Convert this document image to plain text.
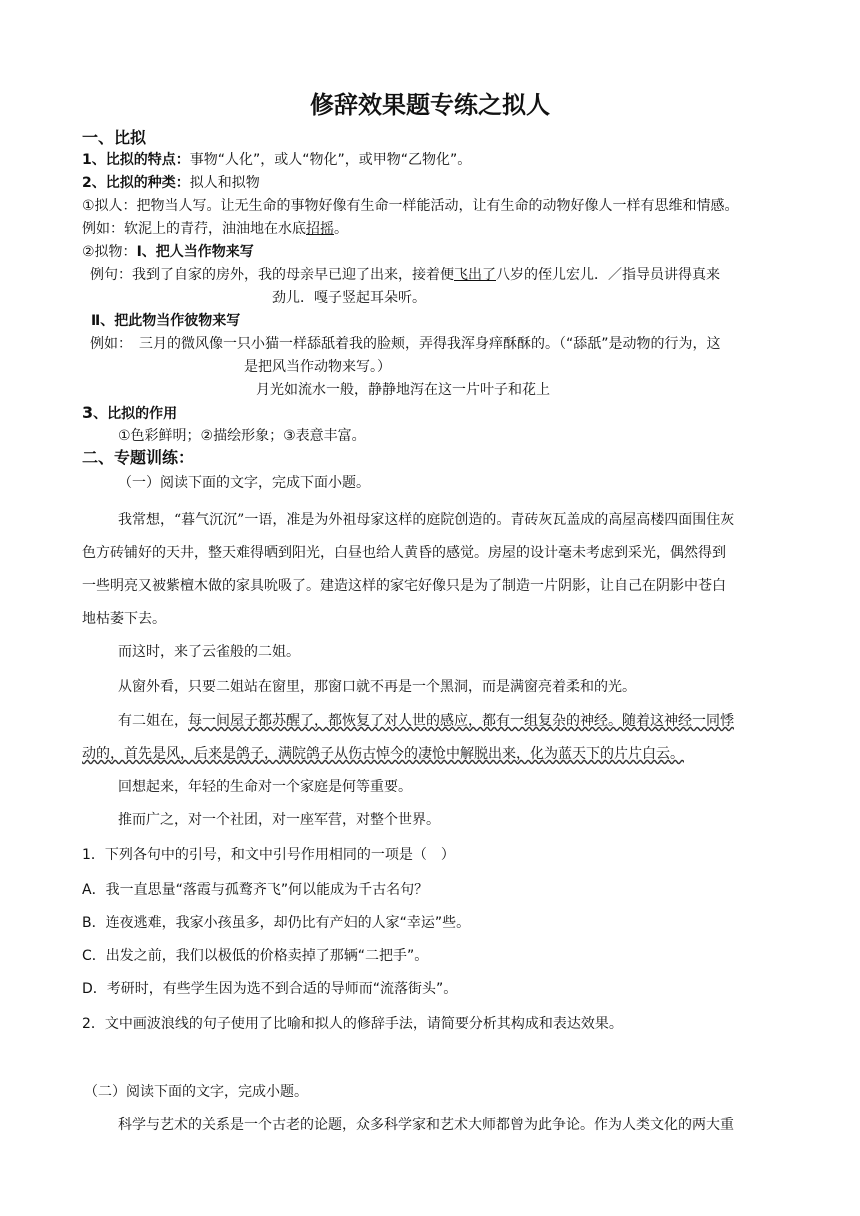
修辞效果题专练之拟人
一、比拟
1、比拟的特点：事物“人化”，或人“物化”，或甲物“乙物化”。
2、比拟的种类：拟人和拟物
①拟人：把物当人写。让无生命的事物好像有生命一样能活动，让有生命的动物好像人一样有思维和情感。
例如：软泥上的青荇，油油地在水底招摇。
②拟物：Ⅰ、把人当作物来写
例句：我到了自家的房外，我的母亲早已迎了出来，接着便飞出了八岁的侄儿宏儿．／指导员讲得真来
劲儿．嘎子竖起耳朵听。
Ⅱ、把此物当作彼物来写
例如：　三月的微风像一只小猫一样舔舐着我的脸颊，弄得我浑身痒酥酥的。（“舔舐”是动物的行为，这
是把风当作动物来写。）
月光如流水一般，静静地泻在这一片叶子和花上
3、比拟的作用
①色彩鲜明；②描绘形象；③表意丰富。
二、专题训练：
（一）阅读下面的文字，完成下面小题。
我常想，“暮气沉沉”一语，准是为外祖母家这样的庭院创造的。青砖灰瓦盖成的高屋高楼四面围住灰
色方砖铺好的天井，整天难得晒到阳光，白昼也给人黄昏的感觉。房屋的设计毫未考虑到采光，偶然得到
一些明亮又被紫檀木做的家具吮吸了。建造这样的家宅好像只是为了制造一片阴影，让自己在阴影中苍白
地枯萎下去。
而这时，来了云雀般的二姐。
从窗外看，只要二姐站在窗里，那窗口就不再是一个黑洞，而是满窗亮着柔和的光。
有二姐在，每一间屋子都苏醒了，都恢复了对人世的感应，都有一组复杂的神经。随着这神经一同悸
动的，首先是风，后来是鸽子，满院鸽子从伤古悼今的凄怆中解脱出来，化为蓝天下的片片白云。
回想起来，年轻的生命对一个家庭是何等重要。
推而广之，对一个社团，对一座军营，对整个世界。
1．下列各句中的引号，和文中引号作用相同的一项是（　）
A．我一直思量“落霞与孤鹜齐飞”何以能成为千古名句？
B．连夜逃难，我家小孩虽多，却仍比有产妇的人家“幸运”些。
C．出发之前，我们以极低的价格卖掉了那辆“二把手”。
D．考研时，有些学生因为选不到合适的导师而“流落街头”。
2．文中画波浪线的句子使用了比喻和拟人的修辞手法，请简要分析其构成和表达效果。
（二）阅读下面的文字，完成小题。
科学与艺术的关系是一个古老的论题，众多科学家和艺术大师都曾为此争论。作为人类文化的两大重
